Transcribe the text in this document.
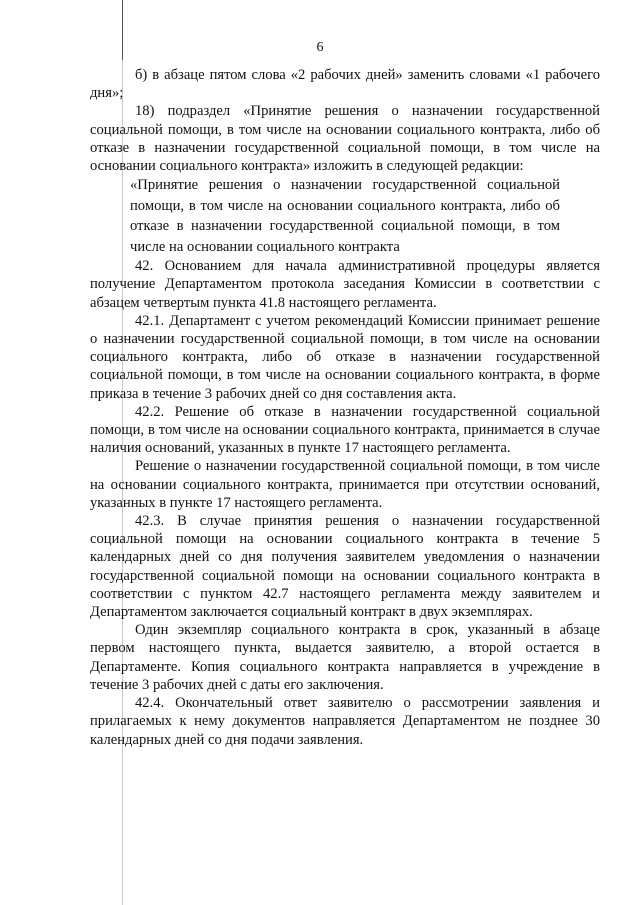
6

б) в абзаце пятом слова «2 рабочих дней» заменить словами «1 рабочего дня»;

18) подраздел «Принятие решения о назначении государственной социальной помощи, в том числе на основании социального контракта, либо об отказе в назначении государственной социальной помощи, в том числе на основании социального контракта» изложить в следующей редакции:

«Принятие решения о назначении государственной социальной помощи, в том числе на основании социального контракта, либо об отказе в назначении государственной социальной помощи, в том числе на основании социального контракта

42. Основанием для начала административной процедуры является получение Департаментом протокола заседания Комиссии в соответствии с абзацем четвертым пункта 41.8 настоящего регламента.

42.1. Департамент с учетом рекомендаций Комиссии принимает решение о назначении государственной социальной помощи, в том числе на основании социального контракта, либо об отказе в назначении государственной социальной помощи, в том числе на основании социального контракта, в форме приказа в течение 3 рабочих дней со дня составления акта.

42.2. Решение об отказе в назначении государственной социальной помощи, в том числе на основании социального контракта, принимается в случае наличия оснований, указанных в пункте 17 настоящего регламента.

Решение о назначении государственной социальной помощи, в том числе на основании социального контракта, принимается при отсутствии оснований, указанных в пункте 17 настоящего регламента.

42.3. В случае принятия решения о назначении государственной социальной помощи на основании социального контракта в течение 5 календарных дней со дня получения заявителем уведомления о назначении государственной социальной помощи на основании социального контракта в соответствии с пунктом 42.7 настоящего регламента между заявителем и Департаментом заключается социальный контракт в двух экземплярах.

Один экземпляр социального контракта в срок, указанный в абзаце первом настоящего пункта, выдается заявителю, а второй остается в Департаменте. Копия социального контракта направляется в учреждение в течение 3 рабочих дней с даты его заключения.

42.4. Окончательный ответ заявителю о рассмотрении заявления и прилагаемых к нему документов направляется Департаментом не позднее 30 календарных дней со дня подачи заявления.
